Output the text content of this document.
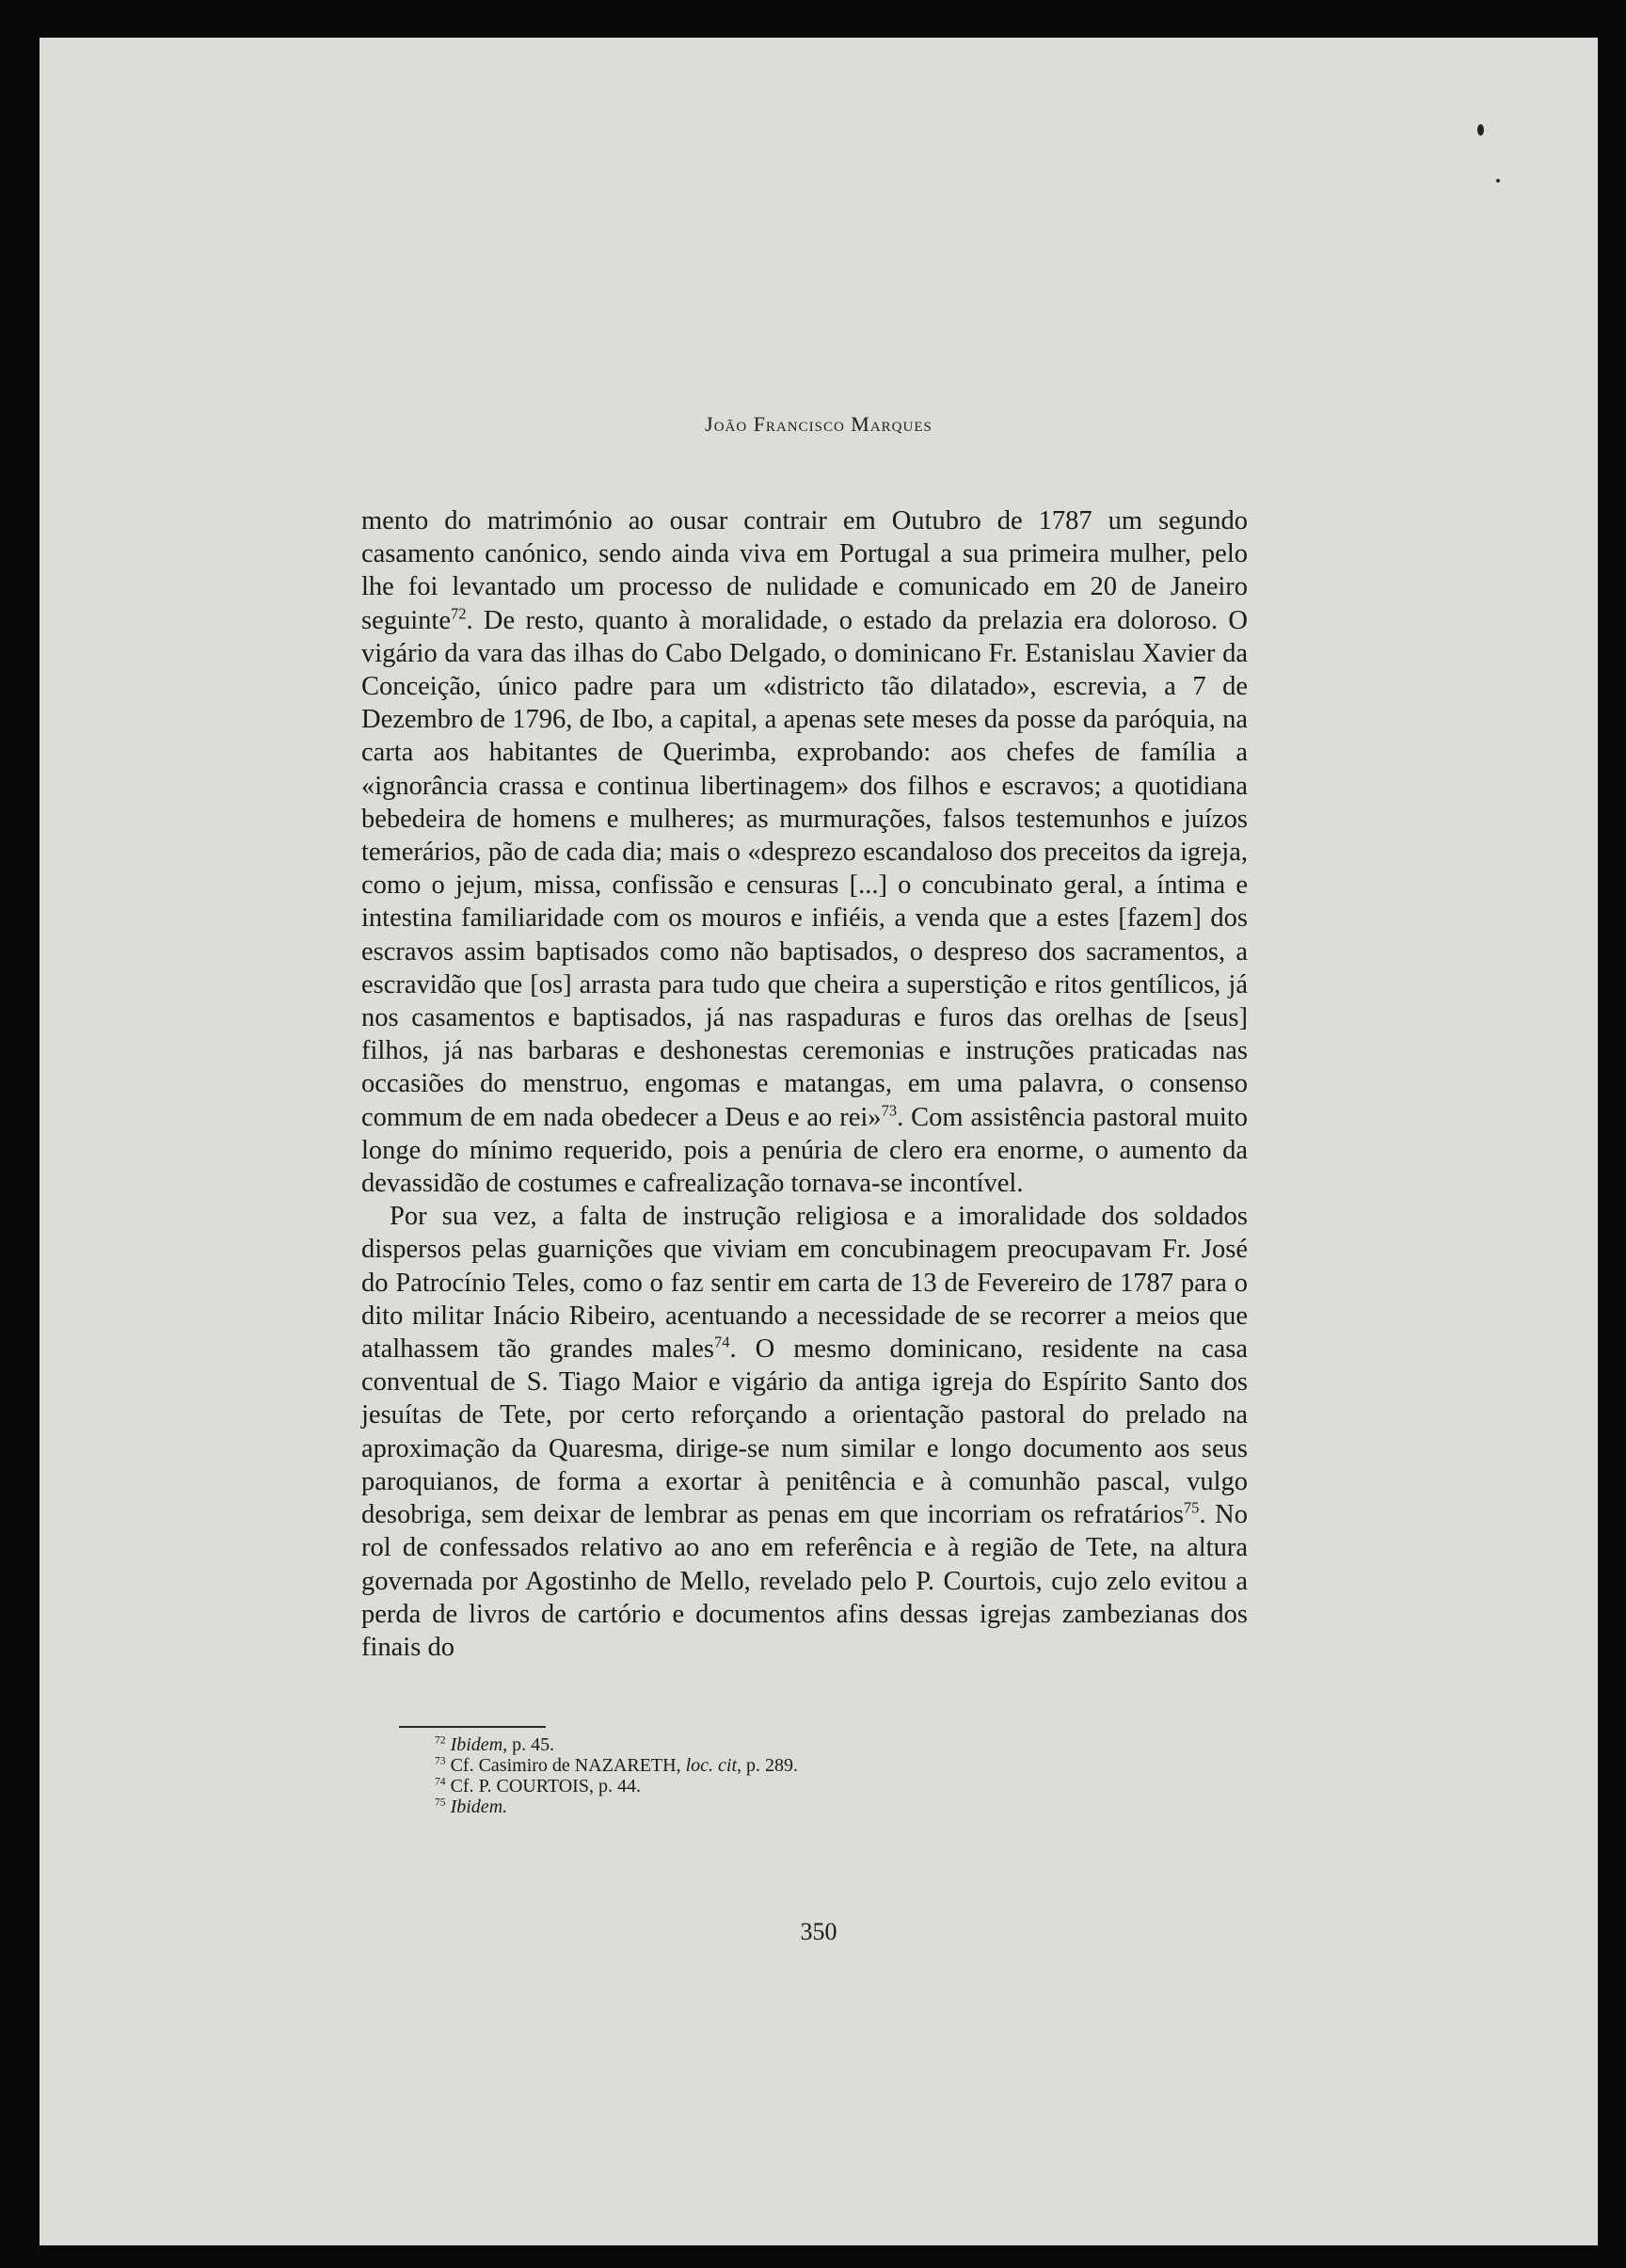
João Francisco Marques

mento do matrimónio ao ousar contrair em Outubro de 1787 um segundo casamento canónico, sendo ainda viva em Portugal a sua primeira mulher, pelo lhe foi levantado um processo de nulidade e comunicado em 20 de Janeiro seguinte$^{72}$. De resto, quanto à moralidade, o estado da prelazia era doloroso. O vigário da vara das ilhas do Cabo Delgado, o dominicano Fr. Estanislau Xavier da Conceição, único padre para um «districto tão dilatado», escrevia, a 7 de Dezembro de 1796, de Ibo, a capital, a apenas sete meses da posse da paróquia, na carta aos habitantes de Querimba, exprobando: aos chefes de família a «ignorância crassa e continua libertinagem» dos filhos e escravos; a quotidiana bebedeira de homens e mulheres; as murmurações, falsos testemunhos e juízos temerários, pão de cada dia; mais o «desprezo escandaloso dos preceitos da igreja, como o jejum, missa, confissão e censuras [...] o concubinato geral, a íntima e intestina familiaridade com os mouros e infiéis, a venda que a estes [fazem] dos escravos assim baptisados como não baptisados, o despreso dos sacramentos, a escravidão que [os] arrasta para tudo que cheira a superstição e ritos gentílicos, já nos casamentos e baptisados, já nas raspaduras e furos das orelhas de [seus] filhos, já nas barbaras e deshonestas ceremonias e instruções praticadas nas occasiões do menstruo, engomas e matangas, em uma palavra, o consenso commum de em nada obedecer a Deus e ao rei»$^{73}$. Com assistência pastoral muito longe do mínimo requerido, pois a penúria de clero era enorme, o aumento da devassidão de costumes e cafrealização tornava-se incontível.

Por sua vez, a falta de instrução religiosa e a imoralidade dos soldados dispersos pelas guarnições que viviam em concubinagem preocupavam Fr. José do Patrocínio Teles, como o faz sentir em carta de 13 de Fevereiro de 1787 para o dito militar Inácio Ribeiro, acentuando a necessidade de se recorrer a meios que atalhassem tão grandes males$^{74}$. O mesmo dominicano, residente na casa conventual de S. Tiago Maior e vigário da antiga igreja do Espírito Santo dos jesuítas de Tete, por certo reforçando a orientação pastoral do prelado na aproximação da Quaresma, dirige-se num similar e longo documento aos seus paroquianos, de forma a exortar à penitência e à comunhão pascal, vulgo desobriga, sem deixar de lembrar as penas em que incorriam os refratários$^{75}$. No rol de confessados relativo ao ano em referência e à região de Tete, na altura governada por Agostinho de Mello, revelado pelo P. Courtois, cujo zelo evitou a perda de livros de cartório e documentos afins dessas igrejas zambezianas dos finais do

$^{72}$ Ibidem, p. 45.

$^{73}$ Cf. Casimiro de NAZARETH, loc. cit, p. 289.

$^{74}$ Cf. P. COURTOIS, p. 44.

$^{75}$ Ibidem.

350
